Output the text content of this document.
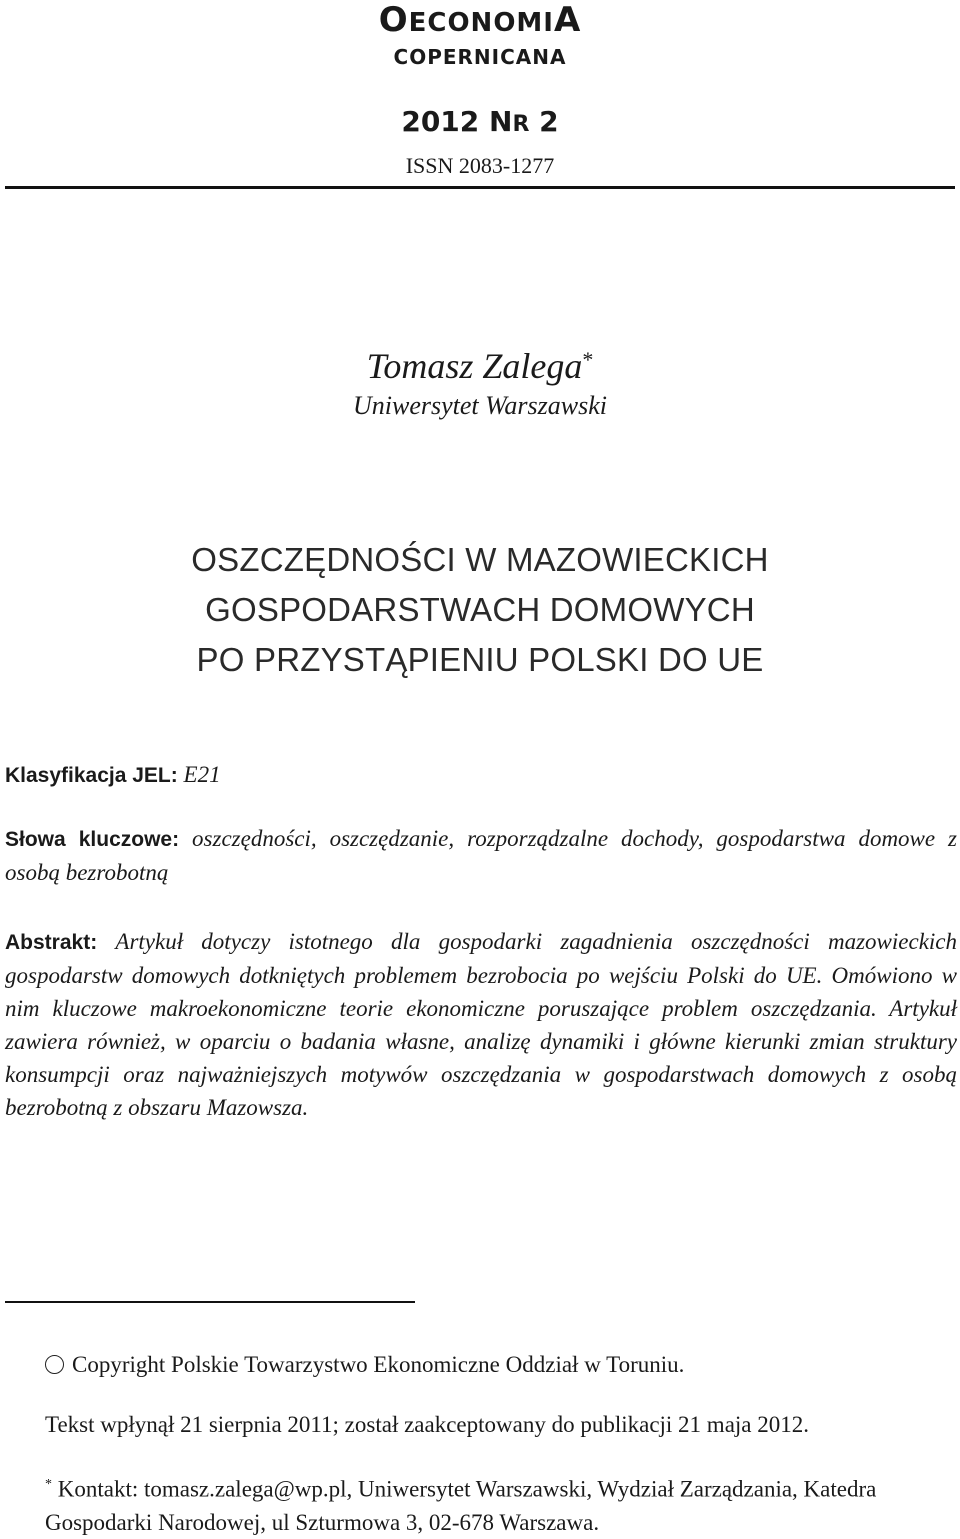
OECONOMIA
COPERNICANA
2012 NR 2
ISSN 2083-1277
Tomasz Zalega*
Uniwersytet Warszawski
OSZCZĘDNOŚCI W MAZOWIECKICH
GOSPODARSTWACH DOMOWYCH
PO PRZYSTĄPIENIU POLSKI DO UE
Klasyfikacja JEL: E21
Słowa kluczowe: oszczędności, oszczędzanie, rozporządzalne dochody, gospodarstwa domowe z osobą bezrobotną
Abstrakt: Artykuł dotyczy istotnego dla gospodarki zagadnienia oszczędności mazowieckich gospodarstw domowych dotkniętych problemem bezrobocia po wejściu Polski do UE. Omówiono w nim kluczowe makroekonomiczne teorie ekonomiczne poruszające problem oszczędzania. Artykuł zawiera również, w oparciu o badania własne, analizę dynamiki i główne kierunki zmian struktury konsumpcji oraz najważniejszych motywów oszczędzania w gospodarstwach domowych z osobą bezrobotną z obszaru Mazowsza.
Copyright Polskie Towarzystwo Ekonomiczne Oddział w Toruniu.
Tekst wpłynął 21 sierpnia 2011; został zaakceptowany do publikacji 21 maja 2012.
* Kontakt: tomasz.zalega@wp.pl, Uniwersytet Warszawski, Wydział Zarządzania, Katedra Gospodarki Narodowej, ul Szturmowa 3, 02-678 Warszawa.
